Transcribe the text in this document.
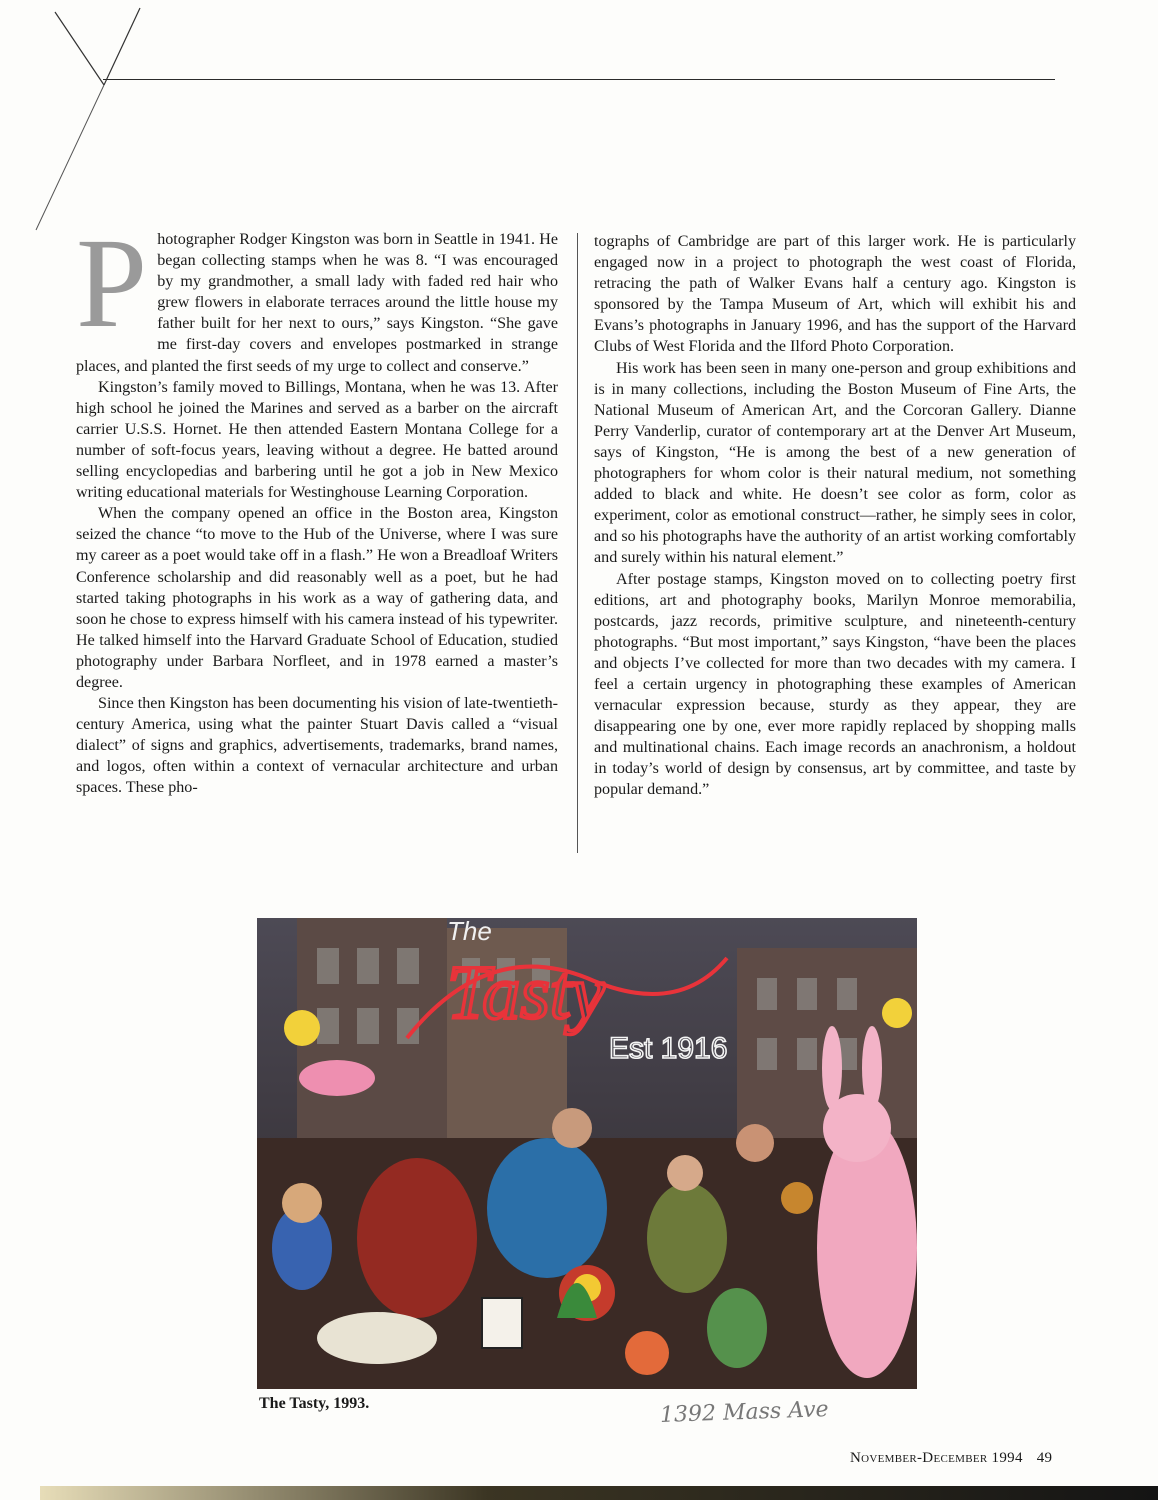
Photographer Rodger Kingston was born in Seattle in 1941. He began collecting stamps when he was 8. “I was encouraged by my grandmother, a small lady with faded red hair who grew flowers in elaborate terraces around the little house my father built for her next to ours,” says Kingston. “She gave me first-day covers and envelopes postmarked in strange places, and planted the first seeds of my urge to collect and conserve.”

Kingston’s family moved to Billings, Montana, when he was 13. After high school he joined the Marines and served as a barber on the aircraft carrier U.S.S. Hornet. He then attended Eastern Montana College for a number of soft-focus years, leaving without a degree. He batted around selling encyclopedias and barbering until he got a job in New Mexico writing educational materials for Westinghouse Learning Corporation.

When the company opened an office in the Boston area, Kingston seized the chance “to move to the Hub of the Universe, where I was sure my career as a poet would take off in a flash.” He won a Breadloaf Writers Conference scholarship and did reasonably well as a poet, but he had started taking photographs in his work as a way of gathering data, and soon he chose to express himself with his camera instead of his typewriter. He talked himself into the Harvard Graduate School of Education, studied photography under Barbara Norfleet, and in 1978 earned a master’s degree.

Since then Kingston has been documenting his vision of late-twentieth-century America, using what the painter Stuart Davis called a “visual dialect” of signs and graphics, advertisements, trademarks, brand names, and logos, often within a context of vernacular architecture and urban spaces. These pho-

tographs of Cambridge are part of this larger work. He is particularly engaged now in a project to photograph the west coast of Florida, retracing the path of Walker Evans half a century ago. Kingston is sponsored by the Tampa Museum of Art, which will exhibit his and Evans’s photographs in January 1996, and has the support of the Harvard Clubs of West Florida and the Ilford Photo Corporation.

His work has been seen in many one-person and group exhibitions and is in many collections, including the Boston Museum of Fine Arts, the National Museum of American Art, and the Corcoran Gallery. Dianne Perry Vanderlip, curator of contemporary art at the Denver Art Museum, says of Kingston, “He is among the best of a new generation of photographers for whom color is their natural medium, not something added to black and white. He doesn’t see color as form, color as experiment, color as emotional construct—rather, he simply sees in color, and so his photographs have the authority of an artist working comfortably and surely within his natural element.”

After postage stamps, Kingston moved on to collecting poetry first editions, art and photography books, Marilyn Monroe memorabilia, postcards, jazz records, primitive sculpture, and nineteenth-century photographs. “But most important,” says Kingston, “have been the places and objects I’ve collected for more than two decades with my camera. I feel a certain urgency in photographing these examples of American vernacular expression because, sturdy as they appear, they are disappearing one by one, ever more rapidly replaced by shopping malls and multinational chains. Each image records an anachronism, a holdout in today’s world of design by consensus, art by committee, and taste by popular demand.”

The
Tasty
Est 1916
The Tasty, 1993.	1392 Mass Ave
November-December 1994 49
